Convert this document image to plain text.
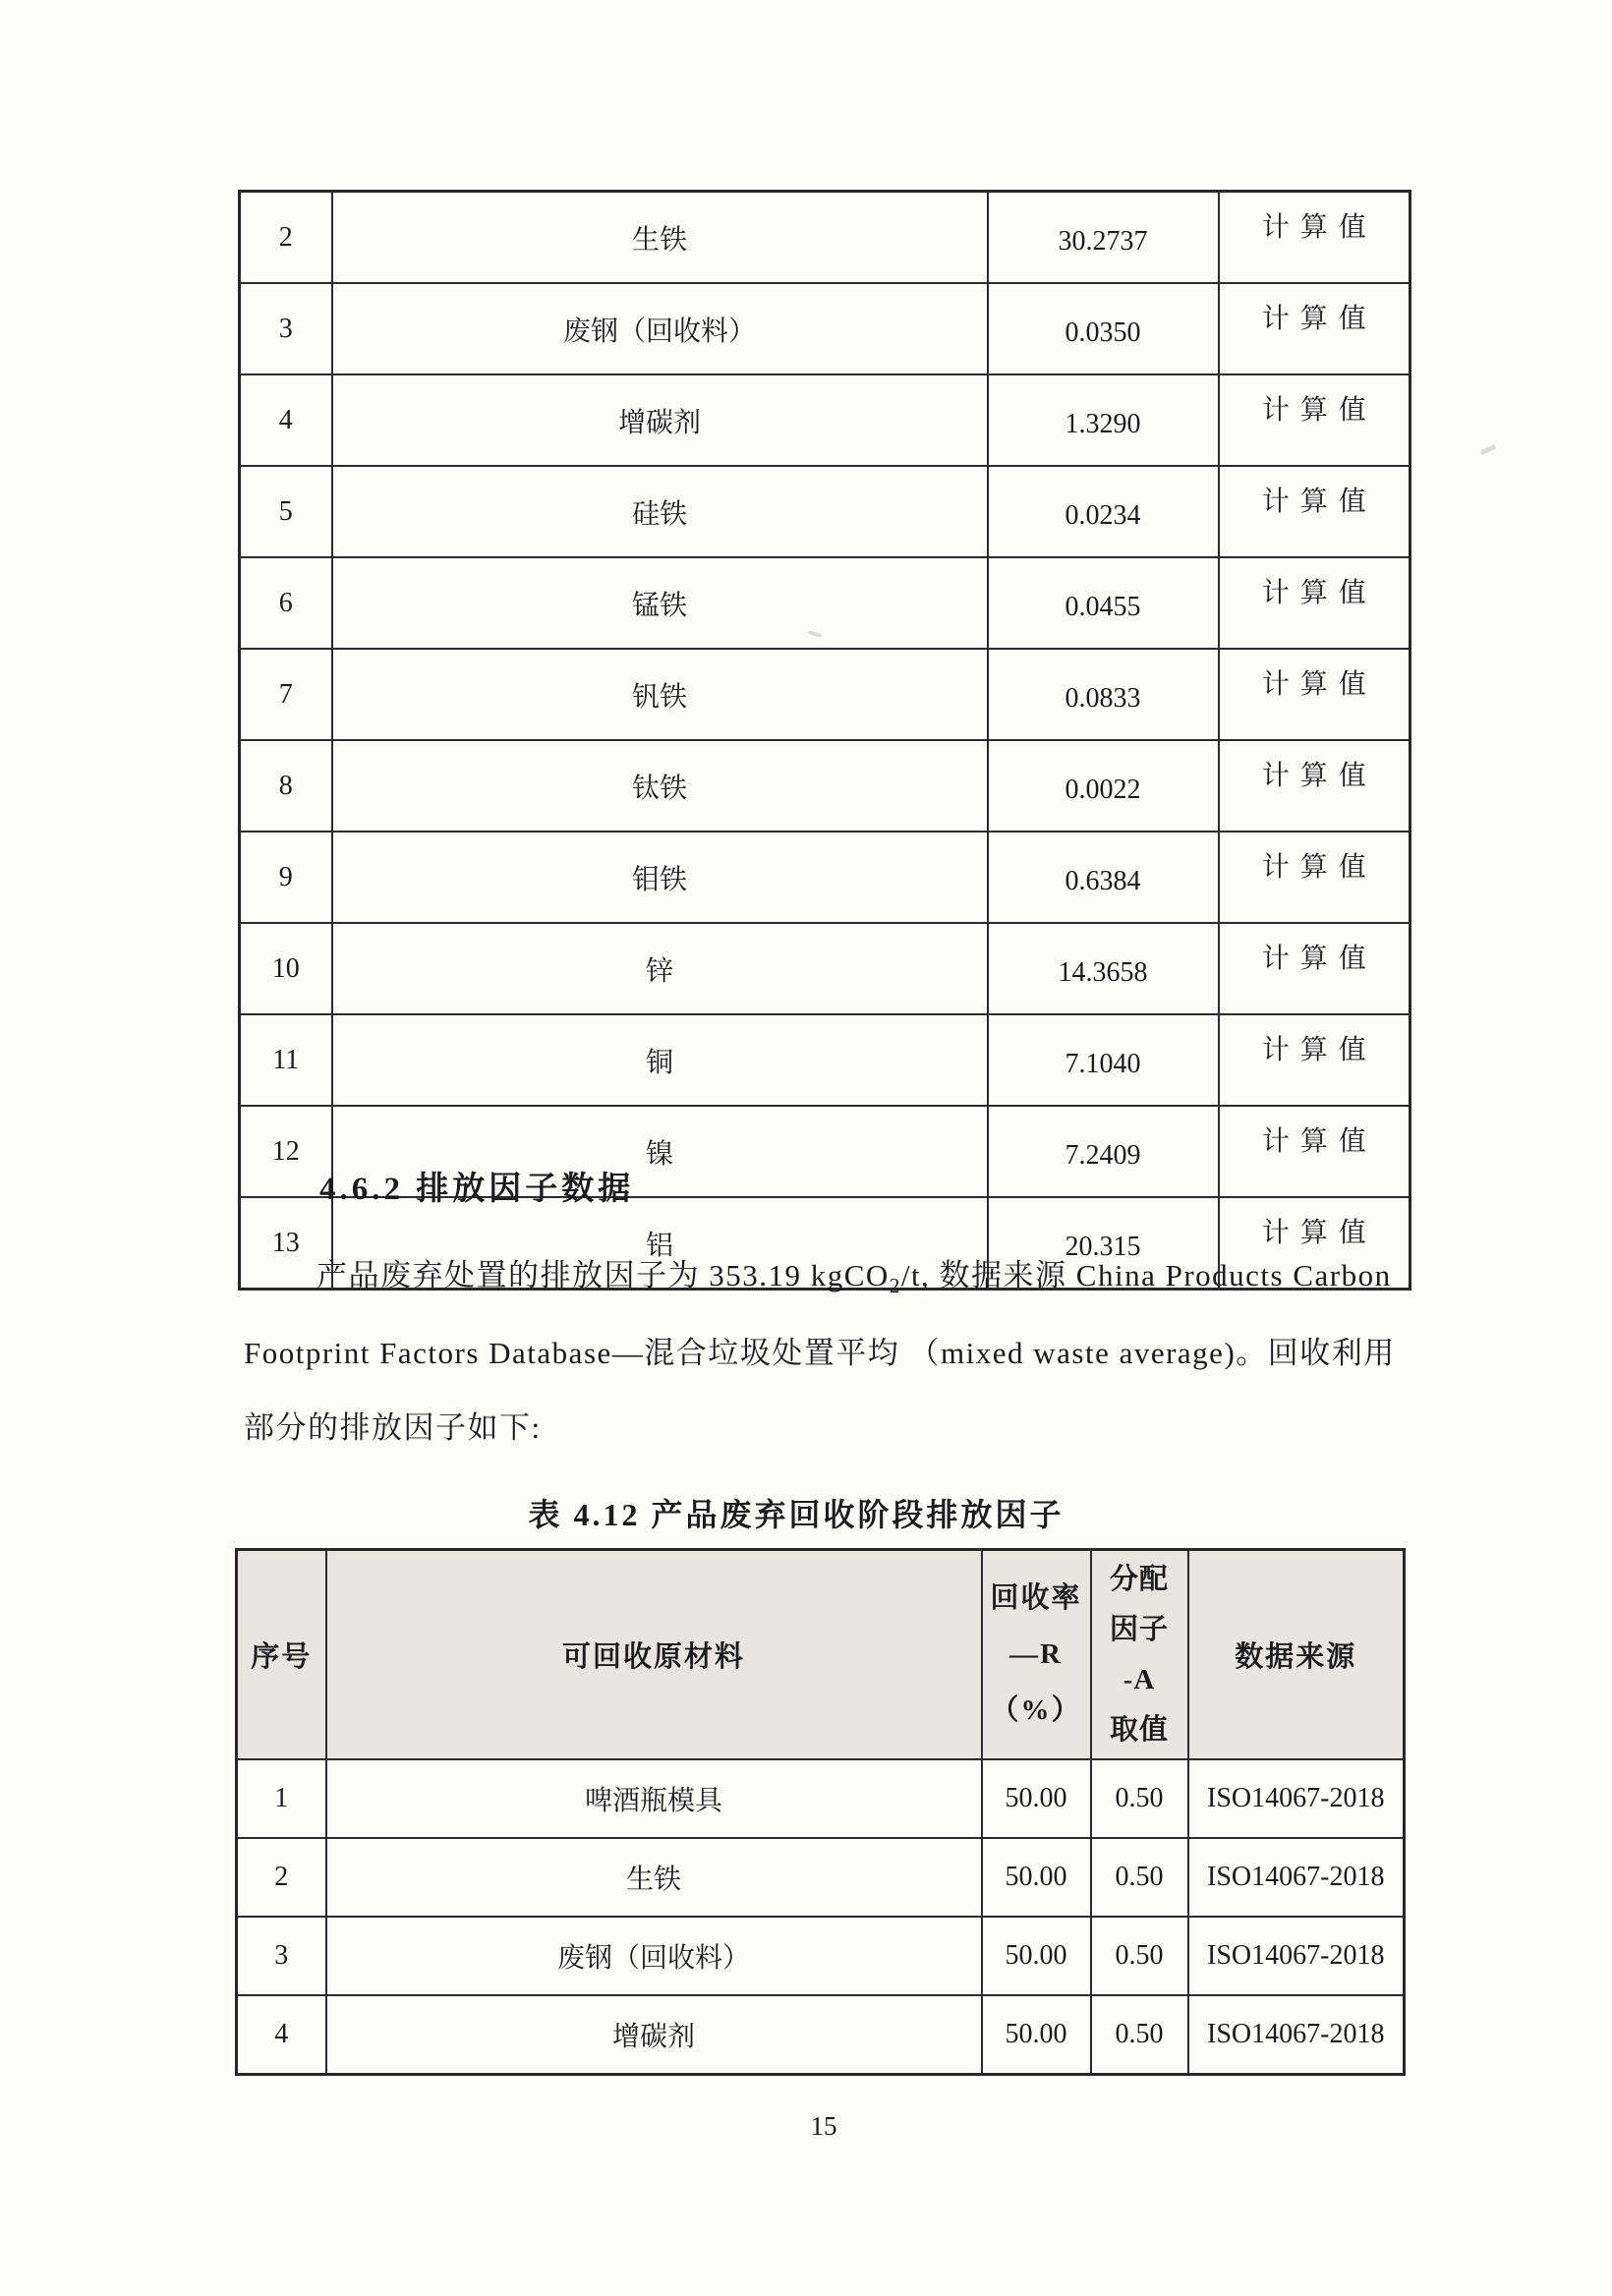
2	生铁	30.2737	计算值
3	废钢（回收料）	0.0350	计算值
4	增碳剂	1.3290	计算值
5	硅铁	0.0234	计算值
6	锰铁	0.0455	计算值
7	钒铁	0.0833	计算值
8	钛铁	0.0022	计算值
9	钼铁	0.6384	计算值
10	锌	14.3658	计算值
11	铜	7.1040	计算值
12	镍	7.2409	计算值
13	铝	20.315	计算值
4.6.2 排放因子数据
产品废弃处置的排放因子为 353.19 kgCO$_2$/t, 数据来源 China Products Carbon
Footprint Factors Database—混合垃圾处置平均 （mixed waste average)。回收利用
部分的排放因子如下:
表 4.12 产品废弃回收阶段排放因子
序号	可回收原材料	回收率
—R
（%）	分配
因子
-A
取值	数据来源
1	啤酒瓶模具	50.00	0.50	ISO14067-2018
2	生铁	50.00	0.50	ISO14067-2018
3	废钢（回收料）	50.00	0.50	ISO14067-2018
4	增碳剂	50.00	0.50	ISO14067-2018
15
